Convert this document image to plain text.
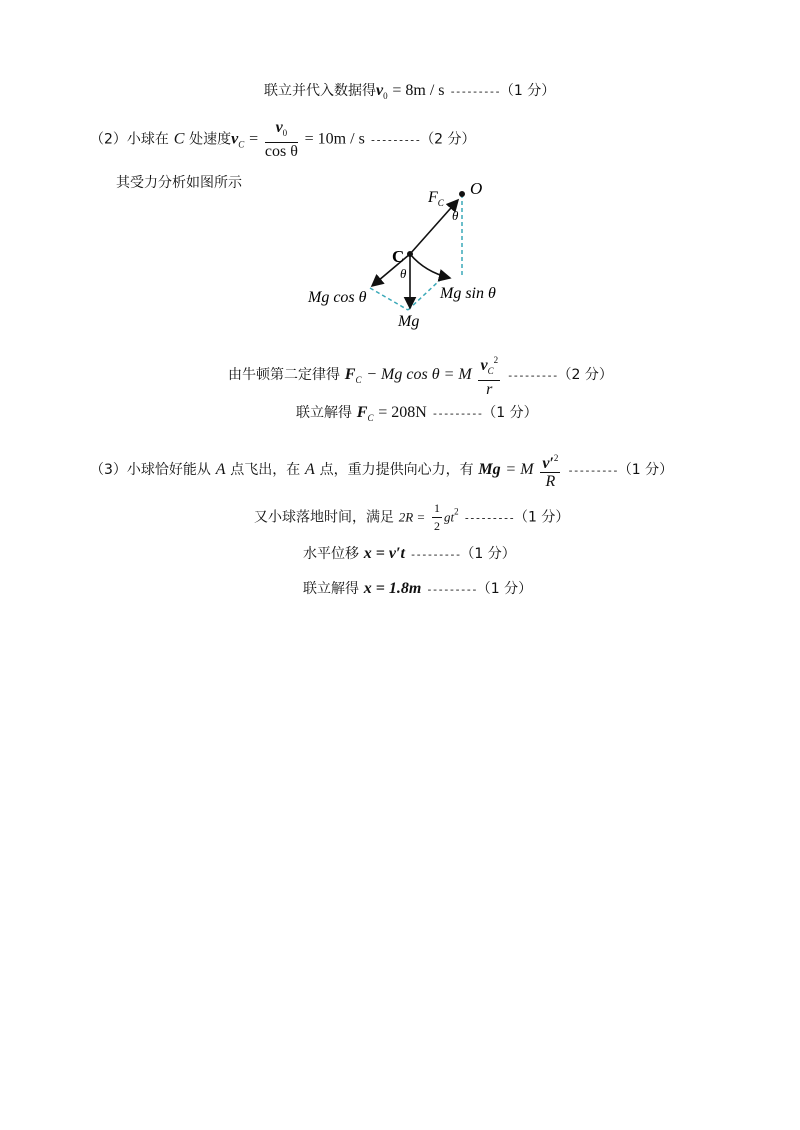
联立并代入数据得$v_0 = 8m / s$ ---------（1 分）
（2）小球在 C 处速度$v_C = \frac{v_0}{\text{cos θ}} = 10m / s$ ---------（2 分）
其受力分析如图所示	O
$F_C$
θ
C
θ
Mg cos θ	Mg sin θ
Mg
由牛顿第二定律得 $F_C - Mg$ cos θ = M $\frac{v_C^2}{r} ---------(2$ 分）
联立解得 $F_C = 208N$ ---------（1 分）
（3）小球恰好能从 A 点飞出，在 A 点，重力提供向心力，有 Mg = M $\frac{v'^2}{R} ---------(1$ 分）
又小球落地时间，满足 $2R = \frac{1}{2} gt^2$ ---------（1 分）
水平位移 x = v′t ---------（1 分）
联立解得 x = 1.8m ---------（1 分）
